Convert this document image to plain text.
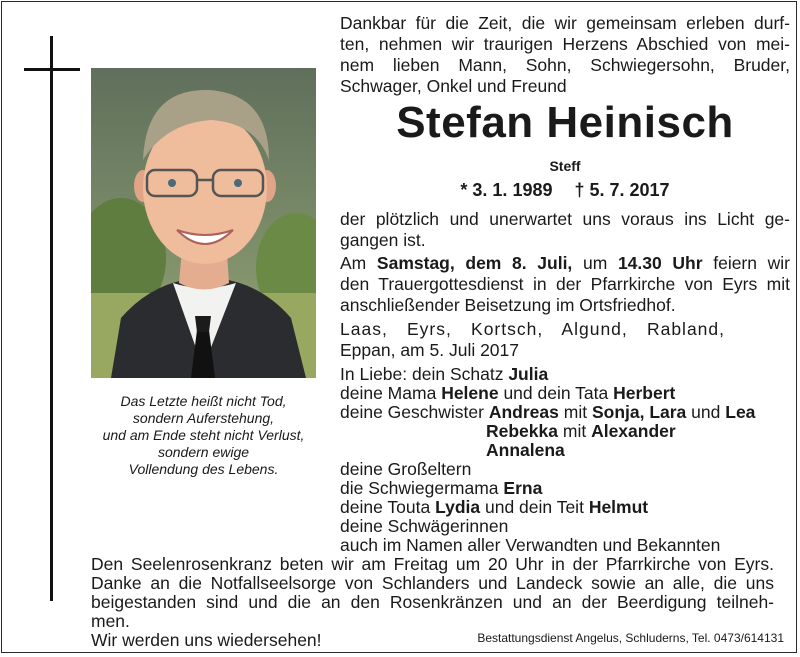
Das Letzte heißt nicht Tod,
sondern Auferstehung,
und am Ende steht nicht Verlust,
sondern ewige
Vollendung des Lebens.
Dankbar für die Zeit, die wir gemeinsam erleben durf-
ten, nehmen wir traurigen Herzens Abschied von mei-
nem lieben Mann, Sohn, Schwiegersohn, Bruder,
Schwager, Onkel und Freund
Stefan Heinisch
Steff
* 3. 1. 1989 † 5. 7. 2017
der plötzlich und unerwartet uns voraus ins Licht ge-
gangen ist.
Am Samstag, dem 8. Juli, um 14.30 Uhr feiern wir
den Trauergottesdienst in der Pfarrkirche von Eyrs mit
anschließender Beisetzung im Ortsfriedhof.
Laas, Eyrs, Kortsch, Algund, Rabland,
Eppan, am 5. Juli 2017
In Liebe: dein Schatz Julia
deine Mama Helene und dein Tata Herbert
deine Geschwister Andreas mit Sonja, Lara und Lea
Rebekka mit Alexander
Annalena
deine Großeltern
die Schwiegermama Erna
deine Touta Lydia und dein Teit Helmut
deine Schwägerinnen
auch im Namen aller Verwandten und Bekannten
Den Seelenrosenkranz beten wir am Freitag um 20 Uhr in der Pfarrkirche von Eyrs.
Danke an die Notfallseelsorge von Schlanders und Landeck sowie an alle, die uns
beigestanden sind und die an den Rosenkränzen und an der Beerdigung teilneh-
men.
Wir werden uns wiedersehen!	Bestattungsdienst Angelus, Schluderns, Tel. 0473/614131
